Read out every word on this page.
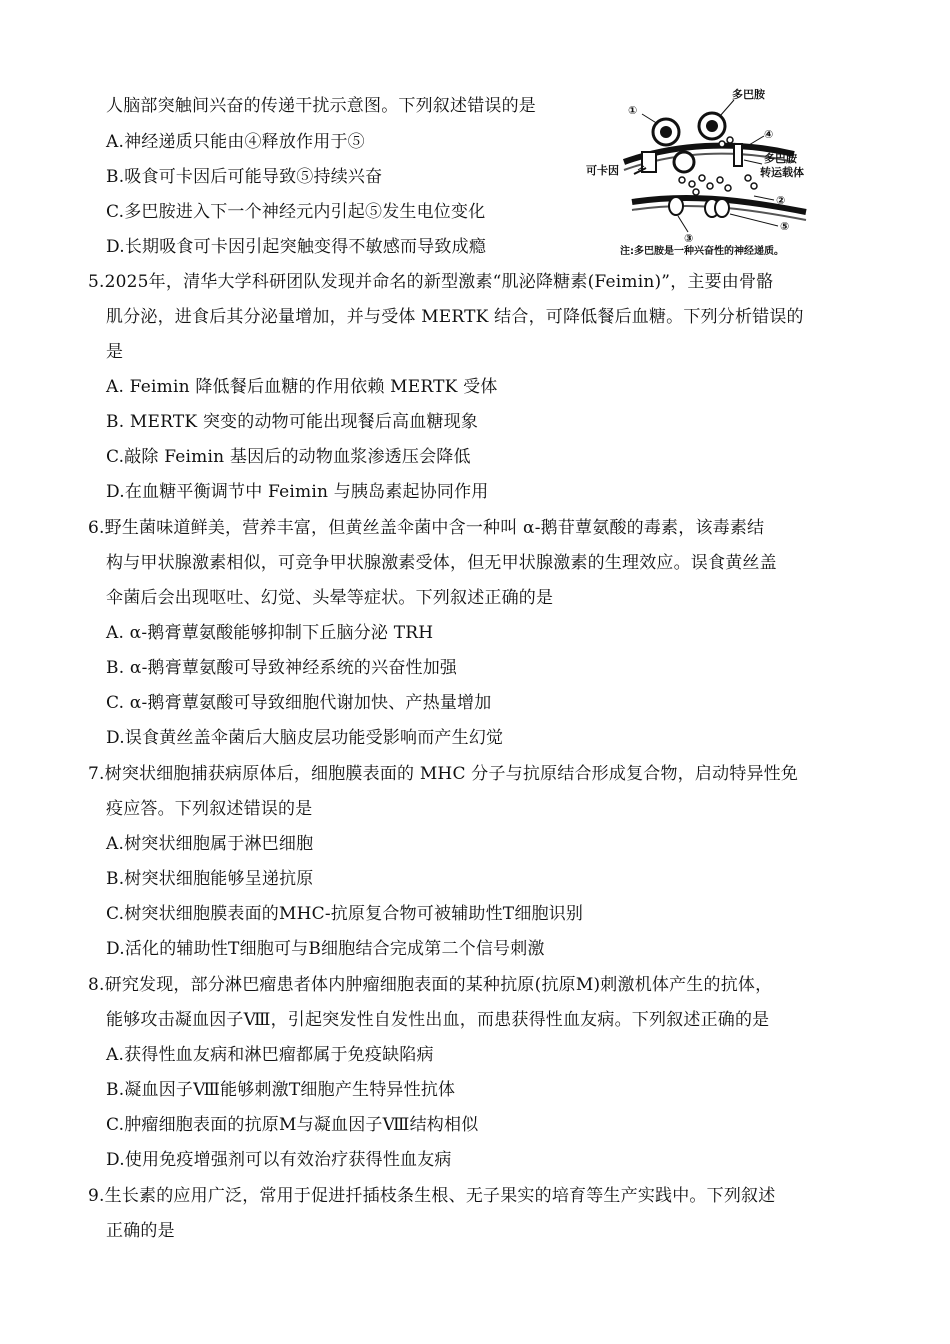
人脑部突触间兴奋的传递干扰示意图。下列叙述错误的是
A.神经递质只能由④释放作用于⑤
B.吸食可卡因后可能导致⑤持续兴奋
C.多巴胺进入下一个神经元内引起⑤发生电位变化
D.长期吸食可卡因引起突触变得不敏感而导致成瘾
①
多巴胺
④
可卡因
多巴胺
转运载体
②
③
⑤
注:多巴胺是一种兴奋性的神经递质。
5.2025年，清华大学科研团队发现并命名的新型激素“肌泌降糖素(Feimin)”，主要由骨骼
肌分泌，进食后其分泌量增加，并与受体 MERTK 结合，可降低餐后血糖。下列分析错误的
是
A. Feimin 降低餐后血糖的作用依赖 MERTK 受体
B. MERTK 突变的动物可能出现餐后高血糖现象
C.敲除 Feimin 基因后的动物血浆渗透压会降低
D.在血糖平衡调节中 Feimin 与胰岛素起协同作用
6.野生菌味道鲜美，营养丰富，但黄丝盖伞菌中含一种叫 α-鹅苷蕈氨酸的毒素，该毒素结
构与甲状腺激素相似，可竞争甲状腺激素受体，但无甲状腺激素的生理效应。误食黄丝盖
伞菌后会出现呕吐、幻觉、头晕等症状。下列叙述正确的是
A. α-鹅膏蕈氨酸能够抑制下丘脑分泌 TRH
B. α-鹅膏蕈氨酸可导致神经系统的兴奋性加强
C. α-鹅膏蕈氨酸可导致细胞代谢加快、产热量增加
D.误食黄丝盖伞菌后大脑皮层功能受影响而产生幻觉
7.树突状细胞捕获病原体后，细胞膜表面的 MHC 分子与抗原结合形成复合物，启动特异性免
疫应答。下列叙述错误的是
A.树突状细胞属于淋巴细胞
B.树突状细胞能够呈递抗原
C.树突状细胞膜表面的MHC-抗原复合物可被辅助性T细胞识别
D.活化的辅助性T细胞可与B细胞结合完成第二个信号刺激
8.研究发现，部分淋巴瘤患者体内肿瘤细胞表面的某种抗原(抗原M)刺激机体产生的抗体，
能够攻击凝血因子Ⅷ，引起突发性自发性出血，而患获得性血友病。下列叙述正确的是
A.获得性血友病和淋巴瘤都属于免疫缺陷病
B.凝血因子Ⅷ能够刺激T细胞产生特异性抗体
C.肿瘤细胞表面的抗原M与凝血因子Ⅷ结构相似
D.使用免疫增强剂可以有效治疗获得性血友病
9.生长素的应用广泛，常用于促进扦插枝条生根、无子果实的培育等生产实践中。下列叙述
正确的是
